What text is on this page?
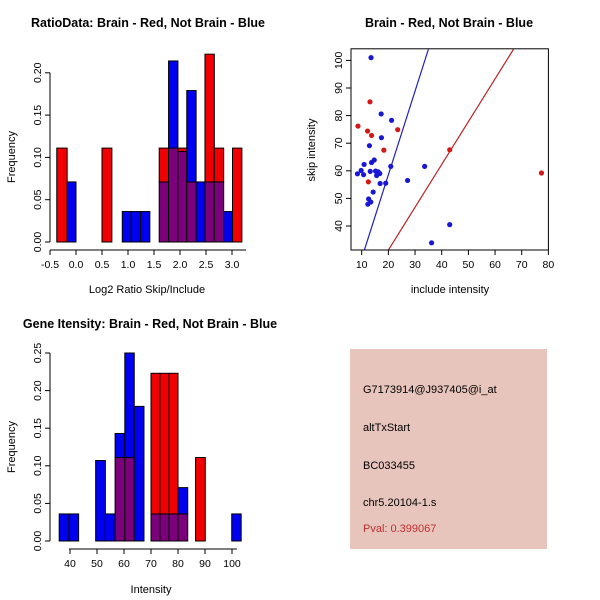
RatioData: Brain - Red, Not Brain - Blue
Log2 Ratio Skip/Include
Frequency
-0.5 0.0 0.5 1.0 1.5 2.0 2.5 3.0
0.00
0.05
0.10
0.15
0.20
Brain - Red, Not Brain - Blue
include intensity
skip intensity
10 20 30 40 50 60 70 80
40
50
60
70
80
90
100
Gene Itensity: Brain - Red, Not Brain - Blue
Intensity
Frequency
40 50 60 70 80 90 100
0.00
0.05
0.10
0.15
0.20
0.25
G7173914@J937405@i_at
altTxStart
BC033455
chr5.20104-1.s
Pval: 0.399067
